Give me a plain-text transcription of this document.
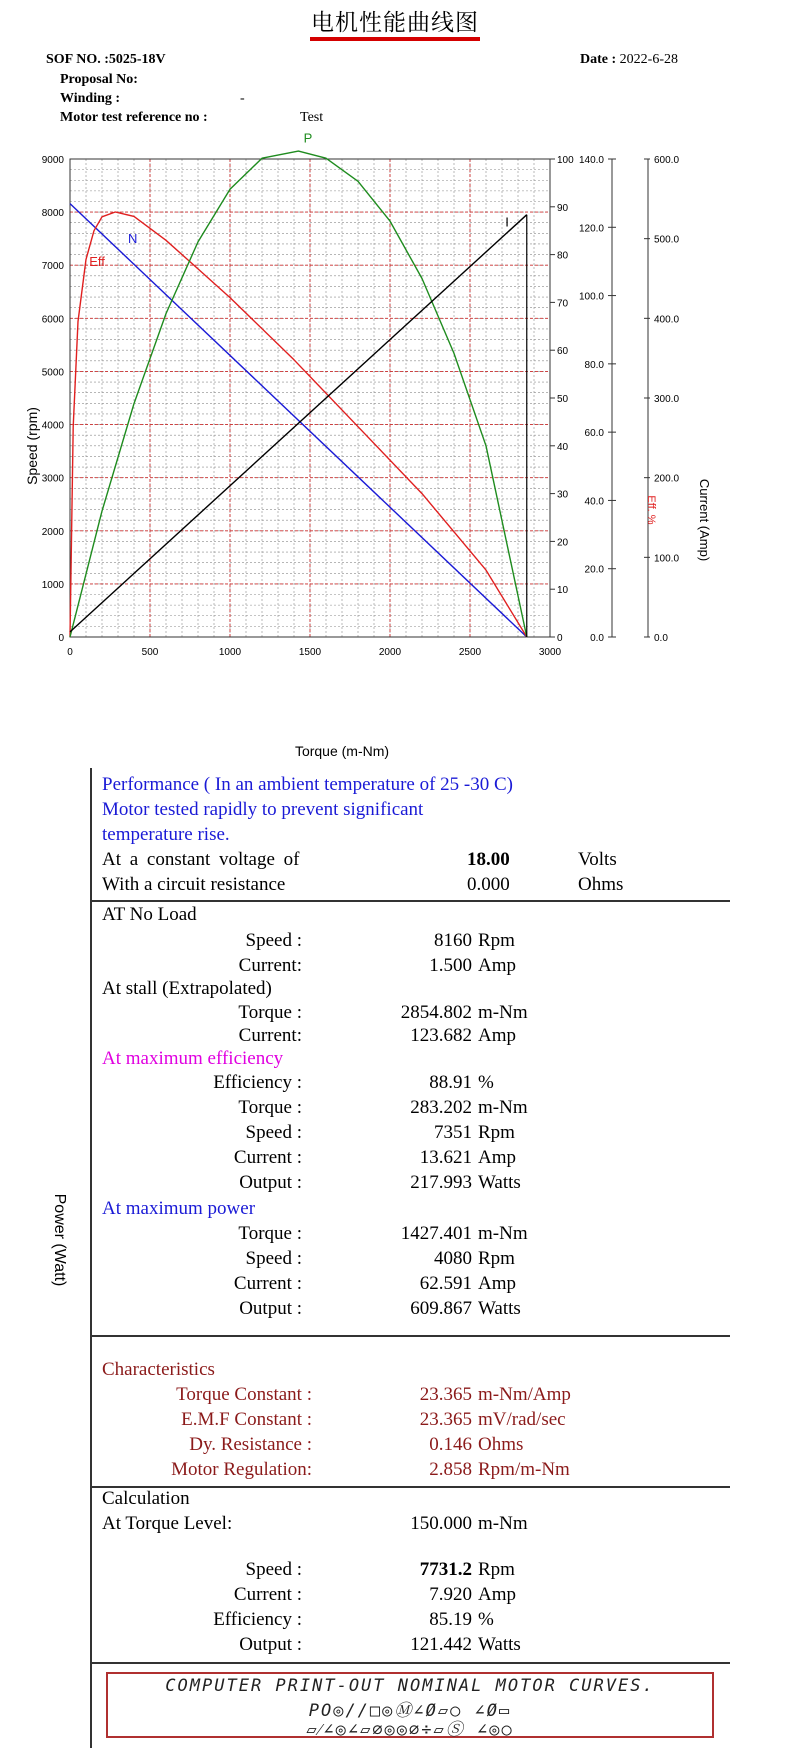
电机性能曲线图
SOF NO. :5025-18V	Date : 2022-6-28
Proposal No:
Winding :	-
Motor test reference no :	Test
0	500	1000	1500	2000	2500	3000
0
1000
2000
3000
4000
5000
6000
7000
8000
9000
0
10
20
30
40
50
60
70
80
90
100
0.0
20.0
40.0
60.0
80.0
100.0
120.0
140.0
0.0
100.0
200.0
300.0
400.0
500.0
600.0
N
Eff
P
I
Torque (m-Nm)
Speed (rpm)
Eff. %	Current (Amp)
Power (Watt)
Performance ( In an ambient temperature of 25 -30 C)
Motor tested rapidly to prevent significant
temperature rise.
At a constant voltage of	18.00	Volts
With a circuit resistance	0.000	Ohms
AT No Load
Speed :	8160 Rpm
Current:	1.500 Amp
At stall (Extrapolated)
Torque :	2854.802 m-Nm
Current:	123.682 Amp
At maximum efficiency
Efficiency :	88.91 %
Torque :	283.202 m-Nm
Speed :	7351 Rpm
Current :	13.621 Amp
Output :	217.993 Watts
At maximum power
Torque :	1427.401 m-Nm
Speed :	4080 Rpm
Current :	62.591 Amp
Output :	609.867 Watts
Characteristics
Torque Constant :	23.365 m-Nm/Amp
E.M.F Constant :	23.365 mV/rad/sec
Dy. Resistance :	0.146 Ohms
Motor Regulation:	2.858 Rpm/m-Nm
Calculation
At Torque Level:	150.000 m-Nm
Speed :	7731.2 Rpm
Current :	7.920 Amp
Efficiency :	85.19 %
Output :	121.442 Watts
COMPUTER PRINT-OUT NOMINAL MOTOR CURVES.
PO◎//□◎Ⓜ∠Ø▱○ ∠Ø▭
▱⁄∠◎∠▱∅◎◎∅÷▱Ⓢ ∠◎○
